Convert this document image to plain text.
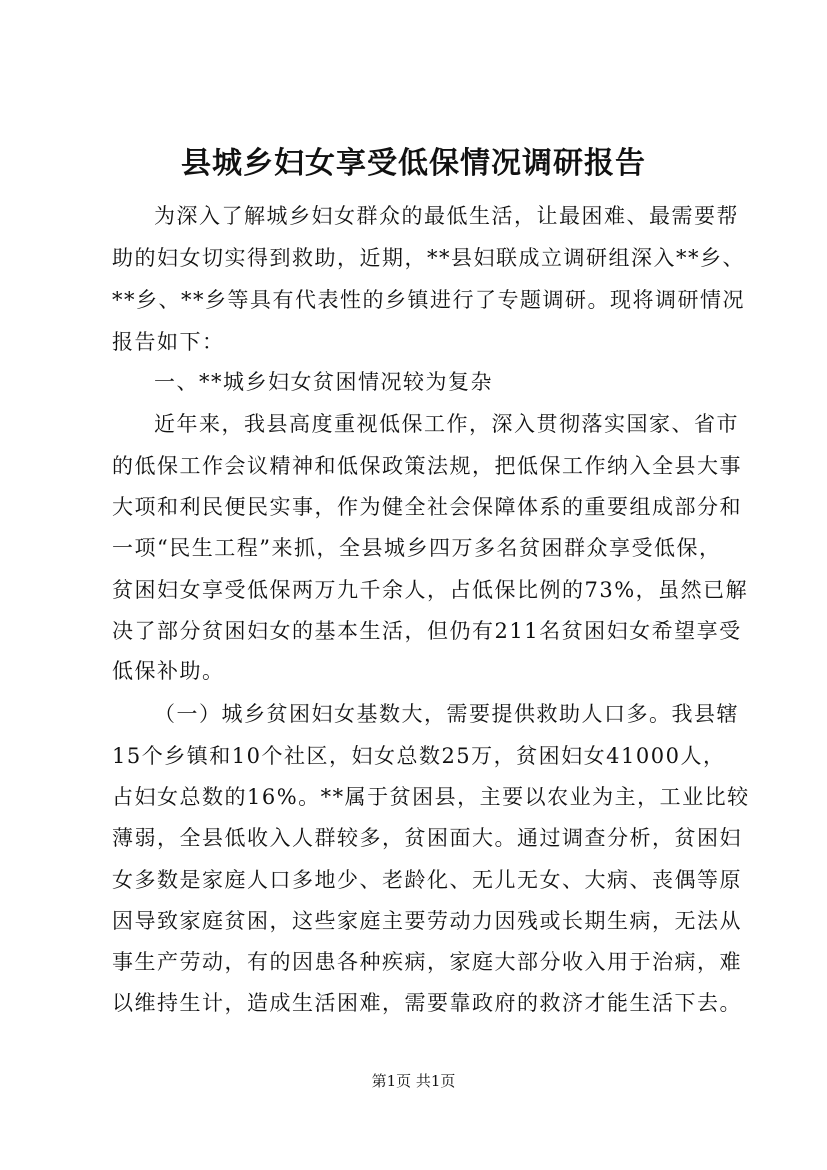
县城乡妇女享受低保情况调研报告
为深入了解城乡妇女群众的最低生活，让最困难、最需要帮
助的妇女切实得到救助，近期，**县妇联成立调研组深入**乡、
**乡、**乡等具有代表性的乡镇进行了专题调研。现将调研情况
报告如下：
一、**城乡妇女贫困情况较为复杂
近年来，我县高度重视低保工作，深入贯彻落实国家、省市
的低保工作会议精神和低保政策法规，把低保工作纳入全县大事
大项和利民便民实事，作为健全社会保障体系的重要组成部分和
一项“民生工程”来抓，全县城乡四万多名贫困群众享受低保，
贫困妇女享受低保两万九千余人，占低保比例的73%，虽然已解
决了部分贫困妇女的基本生活，但仍有211名贫困妇女希望享受
低保补助。
（一）城乡贫困妇女基数大，需要提供救助人口多。我县辖
15个乡镇和10个社区，妇女总数25万，贫困妇女41000人，
占妇女总数的16%。**属于贫困县，主要以农业为主，工业比较
薄弱，全县低收入人群较多，贫困面大。通过调查分析，贫困妇
女多数是家庭人口多地少、老龄化、无儿无女、大病、丧偶等原
因导致家庭贫困，这些家庭主要劳动力因残或长期生病，无法从
事生产劳动，有的因患各种疾病，家庭大部分收入用于治病，难
以维持生计，造成生活困难，需要靠政府的救济才能生活下去。
第1页 共1页
